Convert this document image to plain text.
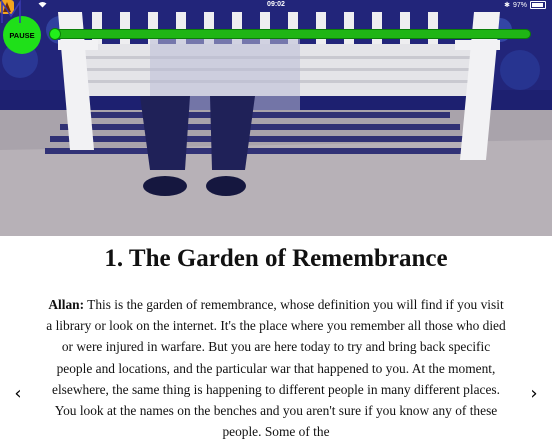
09:02	✱ 97%
PAUSE
1. The Garden of Remembrance

Allan: This is the garden of remembrance, whose definition you will find if you visit a library or look on the internet. It's the place where you remember all those who died or were injured in warfare. But you are here today to try and bring back specific people and locations, and the particular war that happened to you. At the moment, elsewhere, the same thing is happening to different people in many different places. You look at the names on the benches and you aren't sure if you know any of these people. Some of the

‹	›
